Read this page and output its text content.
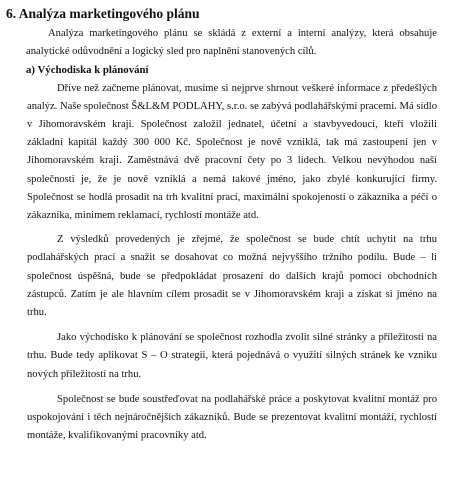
6. Analýza marketingového plánu

Analýza marketingového plánu se skládá z externí a interní analýzy, která obsahuje analytické odůvodnění a logický sled pro naplnění stanovených cílů.

a) Východiska k plánování

Dříve než začneme plánovat, musíme si nejprve shrnout veškeré informace z předešlých analýz. Naše společnost Š&L&M PODLAHY, s.r.o. se zabývá podlahářskými pracemi. Má sídlo v Jihomoravském kraji. Společnost založil jednatel, účetní a stavbyvedoucí, kteří vložili základní kapitál každý 300 000 Kč. Společnost je nově vzniklá, tak má zastoupení jen v Jihomoravském kraji. Zaměstnává dvě pracovní čety po 3 lidech. Velkou nevýhodou naší společnosti je, že je nově vzniklá a nemá takové jméno, jako zbylé konkurující firmy. Společnost se hodlá prosadit na trh kvalitní prací, maximální spokojeností o zákazníka a péčí o zákazníka, minimem reklamací, rychlostí montáže atd.

Z výsledků provedených je zřejmé, že společnost se bude chtít uchytit na trhu podlahářských prací a snažit se dosahovat co možná nejvyššího tržního podílu. Bude – li společnost úspěšná, bude se předpokládat prosazení do dalších krajů pomocí obchodních zástupců. Zatím je ale hlavním cílem prosadit se v Jihomoravském kraji a získat si jméno na trhu.

Jako východisko k plánování se společnost rozhodla zvolit silné stránky a příležitosti na trhu. Bude tedy aplikovat S – O strategii, která pojednává o využití silných stránek ke vzniku nových příležitostí na trhu.

Společnost se bude soustřeďovat na podlahářské práce a poskytovat kvalitní montáž pro uspokojování i těch nejnáročnějších zákazníků. Bude se prezentovat kvalitní montáží, rychlostí montáže, kvalifikovanými pracovníky atd.
